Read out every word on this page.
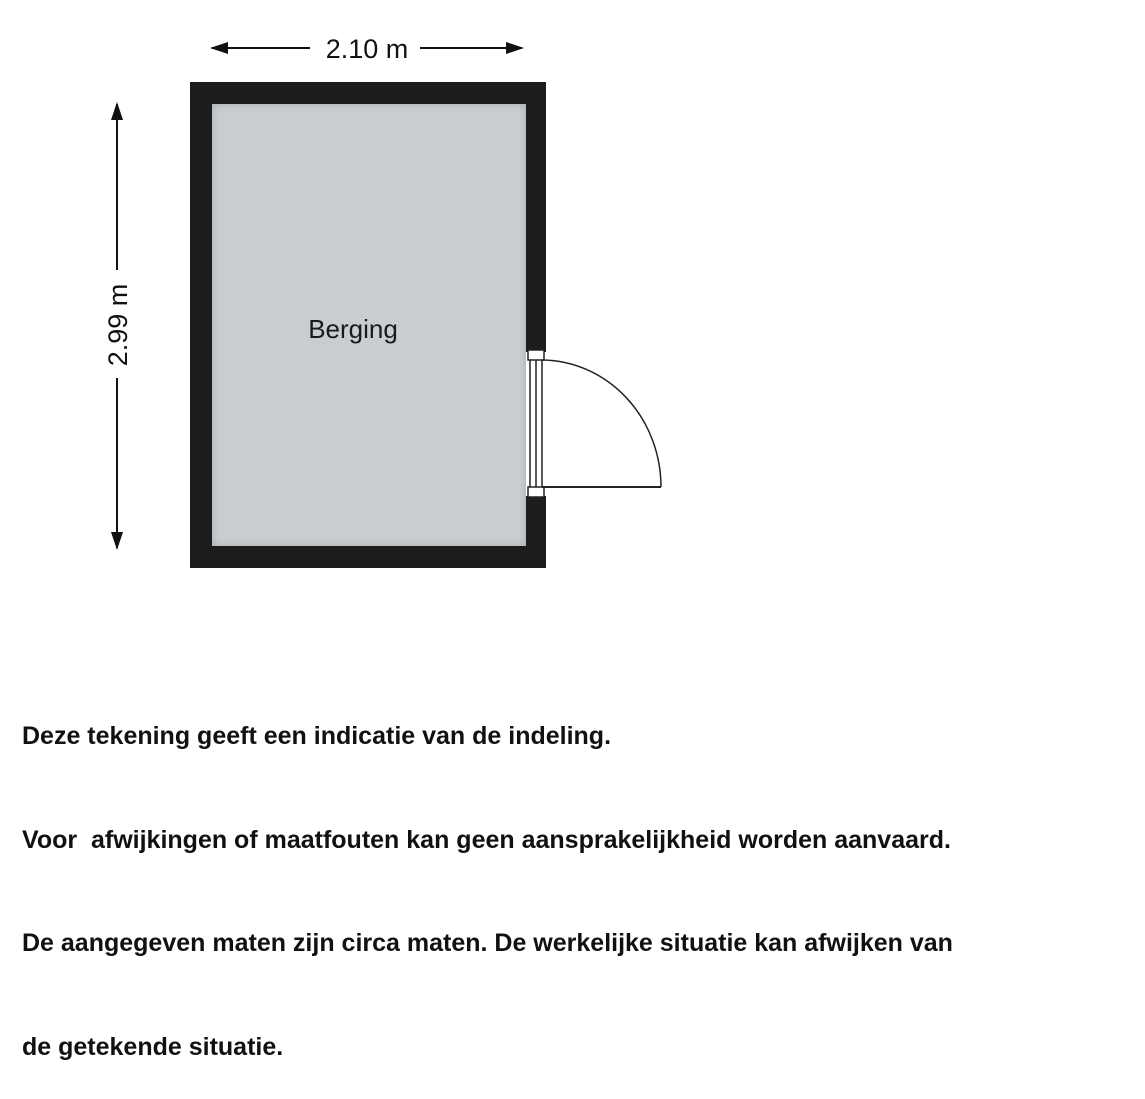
2.10 m
2.99 m	Berging

Deze tekening geeft een indicatie van de indeling.

Voor  afwijkingen of maatfouten kan geen aansprakelijkheid worden aanvaard.

De aangegeven maten zijn circa maten. De werkelijke situatie kan afwijken van

de getekende situatie.
